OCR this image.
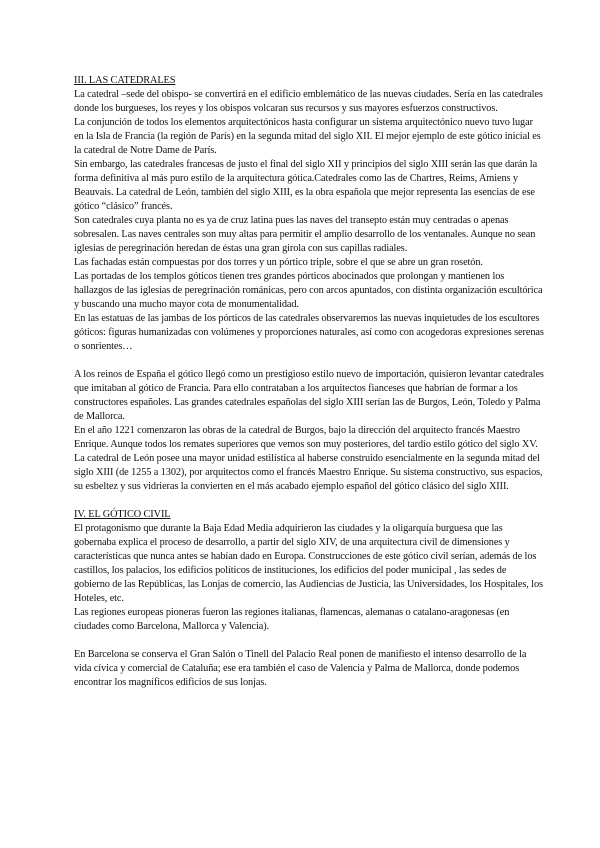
III. LAS CATEDRALES

La catedral –sede del obispo- se convertirá en el edificio emblemático de las nuevas ciudades. Sería en las catedrales donde los burgueses, los reyes y los obispos volcaran sus recursos y sus mayores esfuerzos constructivos.

La conjunción de todos los elementos arquitectónicos hasta configurar un sistema arquitectónico nuevo tuvo lugar en la Isla de Francia (la región de París) en la segunda mitad del siglo XII. El mejor ejemplo de este gótico inicial es la catedral de Notre Dame de París.

Sin embargo, las catedrales francesas de justo el final del siglo XII y principios del siglo XIII serán las que darán la forma definitiva al más puro estilo de la arquitectura gótica.Catedrales como las de Chartres, Reims, Amiens y Beauvais. La catedral de León, también del siglo XIII, es la obra española que mejor representa las esencias de ese gótico “clásico” francés.

Son catedrales cuya planta no es ya de cruz latina pues las naves del transepto están muy centradas o apenas sobresalen. Las naves centrales son muy altas para permitir el amplio desarrollo de los ventanales. Aunque no sean iglesias de peregrinación heredan de éstas una gran girola con sus capillas radiales.

Las fachadas están compuestas por dos torres y un pórtico triple, sobre el que se abre un gran rosetón.

Las portadas de los templos góticos tienen tres grandes pórticos abocinados que prolongan y mantienen los hallazgos de las iglesias de peregrinación románicas, pero con arcos apuntados, con distinta organización escultórica y buscando una mucho mayor cota de monumentalidad.

En las estatuas de las jambas de los pórticos de las catedrales observaremos las nuevas inquietudes de los escultores góticos: figuras humanizadas con volúmenes y proporciones naturales, así como con acogedoras expresiones serenas o sonrientes…

A los reinos de España el gótico llegó como un prestigioso estilo nuevo de importación, quisieron levantar catedrales que imitaban al gótico de Francia. Para ello contrataban a los arquitectos fianceses que habrían de formar a los constructores españoles. Las grandes catedrales españolas del siglo XIII serían las de Burgos, León, Toledo y Palma de Mallorca.

En el año 1221 comenzaron las obras de la catedral de Burgos, bajo la dirección del arquitecto francés Maestro Enrique. Aunque todos los remates superiores que vemos son muy posteriores, del tardío estilo gótico del siglo XV.

La catedral de León posee una mayor unidad estilística al haberse construido esencialmente en la segunda mitad del siglo XIII (de 1255 a 1302), por arquitectos como el francés Maestro Enrique. Su sistema constructivo, sus espacios, su esbeltez y sus vidrieras la convierten en el más acabado ejemplo español del gótico clásico del siglo XIII.

IV. EL GÓTICO CIVIL

El protagonismo que durante la Baja Edad Media adquirieron las ciudades y la oligarquía burguesa que las gobernaba explica el proceso de desarrollo, a partir del siglo XIV, de una arquitectura civil de dimensiones y características que nunca antes se habían dado en Europa. Construcciones de este gótico civil serían, además de los castillos, los palacios, los edificios políticos de instituciones, los edificios del poder municipal , las sedes de gobierno de las Repúblicas, las Lonjas de comercio, las Audiencias de Justicia, las Universidades, los Hospitales, los Hoteles, etc.

Las regiones europeas pioneras fueron las regiones italianas, flamencas, alemanas o catalano-aragonesas (en ciudades como Barcelona, Mallorca y Valencia).

En Barcelona se conserva el Gran Salón o Tinell del Palacio Real ponen de manifiesto el intenso desarrollo de la vida cívica y comercial de Cataluña; ese era también el caso de Valencia y Palma de Mallorca, donde podemos encontrar los magníficos edificios de sus lonjas.
